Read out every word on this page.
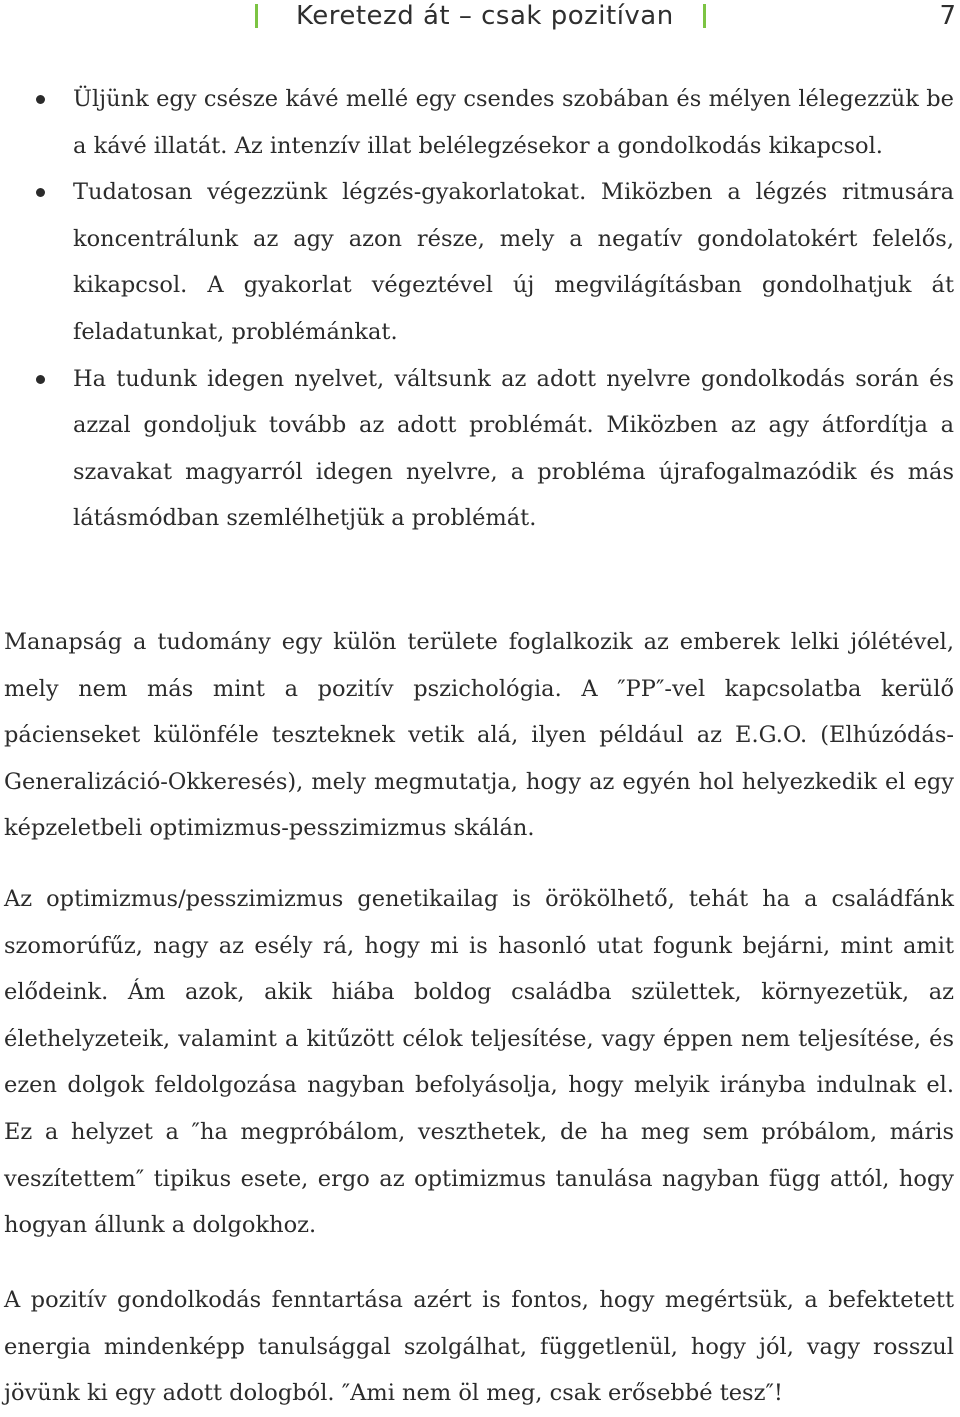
Keretezd át – csak pozitívan	7
Üljünk egy csésze kávé mellé egy csendes szobában és mélyen lélegezzük be a kávé illatát. Az intenzív illat belélegzésekor a gondolkodás kikapcsol.
Tudatosan végezzünk légzés-gyakorlatokat. Miközben a légzés ritmusára koncentrálunk az agy azon része, mely a negatív gondolatokért felelős, kikapcsol. A gyakorlat végeztével új megvilágításban gondolhatjuk át feladatunkat, problémánkat.
Ha tudunk idegen nyelvet, váltsunk az adott nyelvre gondolkodás során és azzal gondoljuk tovább az adott problémát. Miközben az agy átfordítja a szavakat magyarról idegen nyelvre, a probléma újrafogalmazódik és más látásmódban szemlélhetjük a problémát.

Manapság a tudomány egy külön területe foglalkozik az emberek lelki jólétével, mely nem más mint a pozitív pszichológia. A ″PP″-vel kapcsolatba kerülő pácienseket különféle teszteknek vetik alá, ilyen például az E.G.O. (Elhúzódás-Generalizáció-Okkeresés), mely megmutatja, hogy az egyén hol helyezkedik el egy képzeletbeli optimizmus-pesszimizmus skálán.

Az optimizmus/pesszimizmus genetikailag is örökölhető, tehát ha a családfánk szomorúfűz, nagy az esély rá, hogy mi is hasonló utat fogunk bejárni, mint amit elődeink. Ám azok, akik hiába boldog családba születtek, környezetük, az élethelyzeteik, valamint a kitűzött célok teljesítése, vagy éppen nem teljesítése, és ezen dolgok feldolgozása nagyban befolyásolja, hogy melyik irányba indulnak el. Ez a helyzet a ″ha megpróbálom, veszthetek, de ha meg sem próbálom, máris veszítettem″ tipikus esete, ergo az optimizmus tanulása nagyban függ attól, hogy hogyan állunk a dolgokhoz.

A pozitív gondolkodás fenntartása azért is fontos, hogy megértsük, a befektetett energia mindenképp tanulsággal szolgálhat, függetlenül, hogy jól, vagy rosszul jövünk ki egy adott dologból. ″Ami nem öl meg, csak erősebbé tesz″!
